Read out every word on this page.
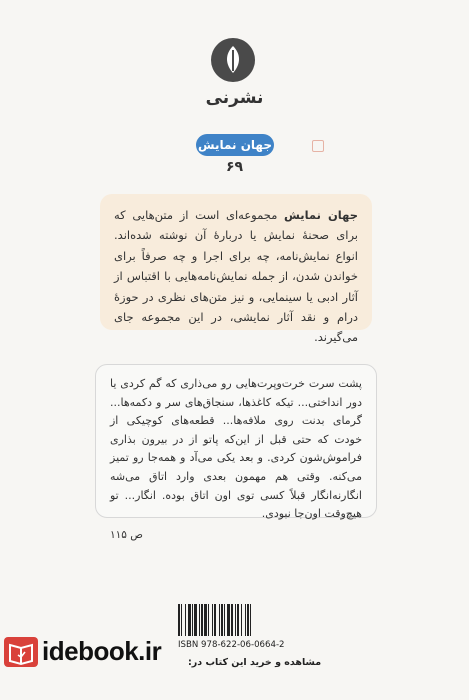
نشرنی
جهان نمایش
۶۹
جهان نمایش مجموعه‌ای است از متن‌هایی که برای صحنهٔ نمایش یا دربارهٔ آن نوشته شده‌اند. انواع نمایش‌نامه، چه برای اجرا و چه صرفاً برای خواندن شدن، از جمله نمایش‌نامه‌هایی با اقتباس از آثار ادبی یا سینمایی، و نیز متن‌های نظری در حوزهٔ درام و نقد آثار نمایشی، در این مجموعه جای می‌گیرند.
پشت سرت خرت‌وپرت‌هایی رو می‌ذاری که گم کردی یا دور انداختی... تیکه کاغذها، سنجاق‌های سر و دکمه‌ها... گرمای بدنت روی ملافه‌ها... قطعه‌های کوچیکی از خودت که حتی قبل از این‌که پاتو از در بیرون بذاری فراموش‌شون کردی. و بعد یکی می‌آد و همه‌جا رو تمیز می‌کنه. وقتی هم مهمون بعدی وارد اتاق می‌شه انگارنه‌انگار قبلاً کسی توی اون اتاق بوده. انگار... تو هیچ‌وقت اون‌جا نبودی.
ص ۱۱۵
ISBN 978-622-06-0664-2
مشاهده و خرید این کتاب در:
idebook.ir
